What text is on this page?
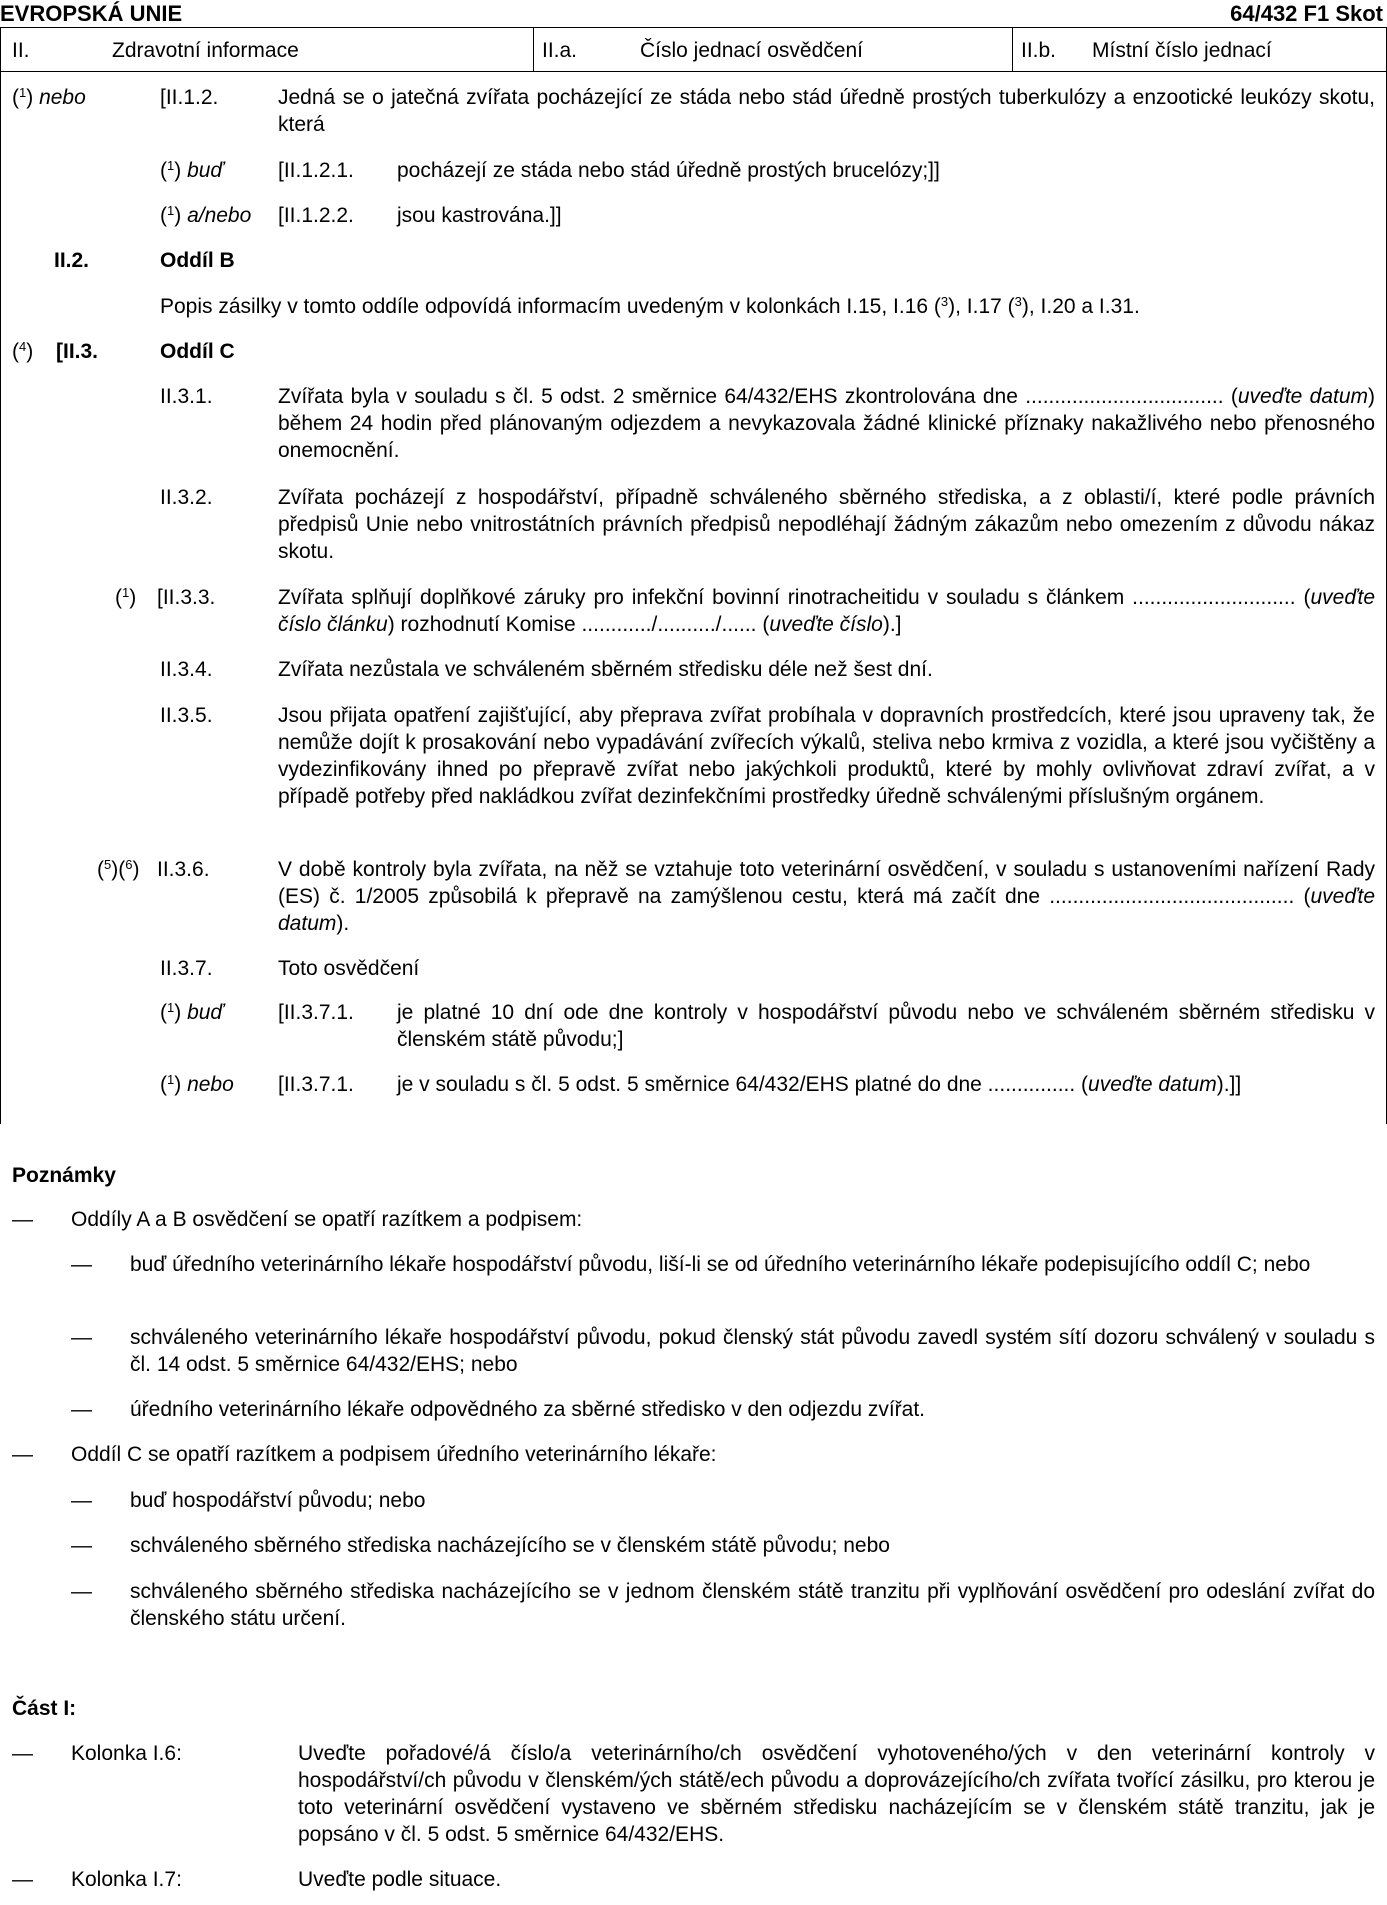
EVROPSKÁ UNIE	64/432 F1 Skot
II.	Zdravotní informace	II.a.	Číslo jednací osvědčení	II.b. Místní číslo jednací
($^1$) nebo	[II.1.2.	Jedná se o jatečná zvířata pocházející ze stáda nebo stád úředně prostých tuberkulózy a enzootické leukózy skotu, která
($^1$) buď	[II.1.2.1. pocházejí ze stáda nebo stád úředně prostých brucelózy;]]
($^1$) a/nebo [II.1.2.2. jsou kastrována.]]
II.2.	Oddíl B
Popis zásilky v tomto oddíle odpovídá informacím uvedeným v kolonkách I.15, I.16 ($^3$), I.17 ($^3$), I.20 a I.31.
($^4$) [II.3.	Oddíl C
II.3.1.	Zvířata byla v souladu s čl. 5 odst. 2 směrnice 64/432/EHS zkontrolována dne .................................. (uveďte datum) během 24 hodin před plánovaným odjezdem a nevykazovala žádné klinické příznaky nakažlivého nebo přenosného onemocnění.
II.3.2.	Zvířata pocházejí z hospodářství, případně schváleného sběrného střediska, a z oblasti/í, které podle právních předpisů Unie nebo vnitrostátních právních předpisů nepodléhají žádným zákazům nebo omezením z důvodu nákaz skotu.
($^1$) [II.3.3.	Zvířata splňují doplňkové záruky pro infekční bovinní rinotracheitidu v souladu s článkem ............................ (uveďte číslo článku) rozhodnutí Komise ............/........../...... (uveďte číslo).]
II.3.4.	Zvířata nezůstala ve schváleném sběrném středisku déle než šest dní.
II.3.5.	Jsou přijata opatření zajišťující, aby přeprava zvířat probíhala v dopravních prostředcích, které jsou upraveny tak, že nemůže dojít k prosakování nebo vypadávání zvířecích výkalů, steliva nebo krmiva z vozidla, a které jsou vyčištěny a vydezinfikovány ihned po přepravě zvířat nebo jakýchkoli produktů, které by mohly ovlivňovat zdraví zvířat, a v případě potřeby před nakládkou zvířat dezinfekčními prostředky úředně schválenými příslušným orgánem.
($^5$)($^6$) II.3.6.	V době kontroly byla zvířata, na něž se vztahuje toto veterinární osvědčení, v souladu s ustanoveními nařízení Rady (ES) č. 1/2005 způsobilá k přepravě na zamýšlenou cestu, která má začít dne .......................................... (uveďte datum).
II.3.7.	Toto osvědčení
($^1$) buď	[II.3.7.1. je platné 10 dní ode dne kontroly v hospodářství původu nebo ve schváleném sběrném středisku v členském státě původu;]
($^1$) nebo [II.3.7.1. je v souladu s čl. 5 odst. 5 směrnice 64/432/EHS platné do dne ............... (uveďte datum).]]
Poznámky
— Oddíly A a B osvědčení se opatří razítkem a podpisem:
— buď úředního veterinárního lékaře hospodářství původu, liší-li se od úředního veterinárního lékaře podepisujícího oddíl C; nebo
— schváleného veterinárního lékaře hospodářství původu, pokud členský stát původu zavedl systém sítí dozoru schválený v souladu s čl. 14 odst. 5 směrnice 64/432/EHS; nebo
— úředního veterinárního lékaře odpovědného za sběrné středisko v den odjezdu zvířat.
— Oddíl C se opatří razítkem a podpisem úředního veterinárního lékaře:
— buď hospodářství původu; nebo
— schváleného sběrného střediska nacházejícího se v členském státě původu; nebo
— schváleného sběrného střediska nacházejícího se v jednom členském státě tranzitu při vyplňování osvědčení pro odeslání zvířat do členského státu určení.
Část I:
— Kolonka I.6:	Uveďte pořadové/á číslo/a veterinárního/ch osvědčení vyhotoveného/ých v den veterinární kontroly v hospodářství/ch původu v členském/ých státě/ech původu a doprovázejícího/ch zvířata tvořící zásilku, pro kterou je toto veterinární osvědčení vystaveno ve sběrném středisku nacházejícím se v členském státě tranzitu, jak je popsáno v čl. 5 odst. 5 směrnice 64/432/EHS.
— Kolonka I.7:	Uveďte podle situace.
